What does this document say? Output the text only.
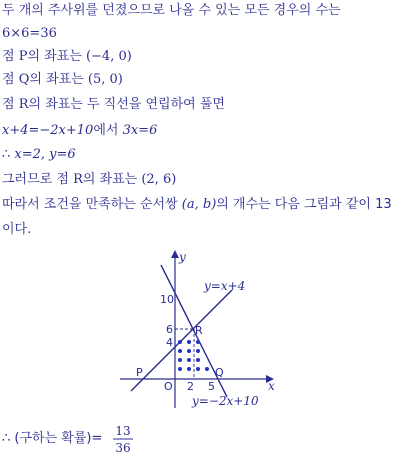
두 개의 주사위를 던졌으므로 나올 수 있는 모든 경우의 수는
6×6=36
점 P의 좌표는 (−4, 0)
점 Q의 좌표는 (5, 0)
점 R의 좌표는 두 직선을 연립하여 풀면
x+4=−2x+10에서 3x=6
∴ x=2, y=6
그러므로 점 R의 좌표는 (2, 6)
따라서 조건을 만족하는 순서쌍 (a, b)의 개수는 다음 그림과 같이 13
이다.
y
x
O
10
6
4
2 5
P	Q
R
y=x+4
y=−2x+10
∴ (구하는 확률)= 13
36
